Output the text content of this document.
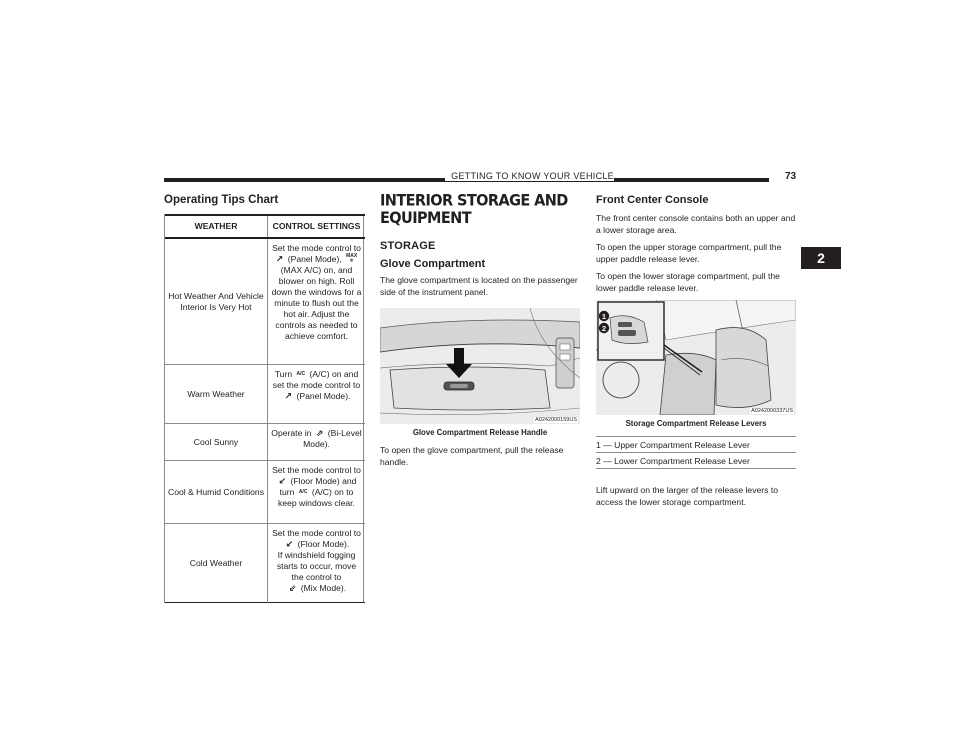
GETTING TO KNOW YOUR VEHICLE	73
2
Operating Tips Chart
WEATHER	CONTROL SETTINGS
Hot Weather And Vehicle Interior Is Very Hot	Set the mode control to
↗ (Panel Mode), MAX
❄
(MAX A/C) on, and blower on high. Roll down the windows for a minute to flush out the hot air. Adjust the controls as needed to achieve comfort.
Warm Weather	Turn A/C (A/C) on and set the mode control to
↗ (Panel Mode).
Cool Sunny	Operate in ⇗ (Bi-Level Mode).
Cool & Humid Conditions	Set the mode control to
↙ (Floor Mode) and
turn A/C (A/C) on to keep windows clear.
Cold Weather	Set the mode control to
↙ (Floor Mode).
If windshield fogging starts to occur, move the control to
⇙ (Mix Mode).
INTERIOR STORAGE AND EQUIPMENT
STORAGE
Glove Compartment

The glove compartment is located on the passenger side of the instrument panel.

A0242000159US
Glove Compartment Release Handle

To open the glove compartment, pull the release handle.

Front Center Console

The front center console contains both an upper and a lower storage area.

To open the upper storage compartment, pull the upper paddle release lever.

To open the lower storage compartment, pull the lower paddle release lever.

1
2
A0242000337US
Storage Compartment Release Levers
1 — Upper Compartment Release Lever
2 — Lower Compartment Release Lever

Lift upward on the larger of the release levers to access the lower storage compartment.
